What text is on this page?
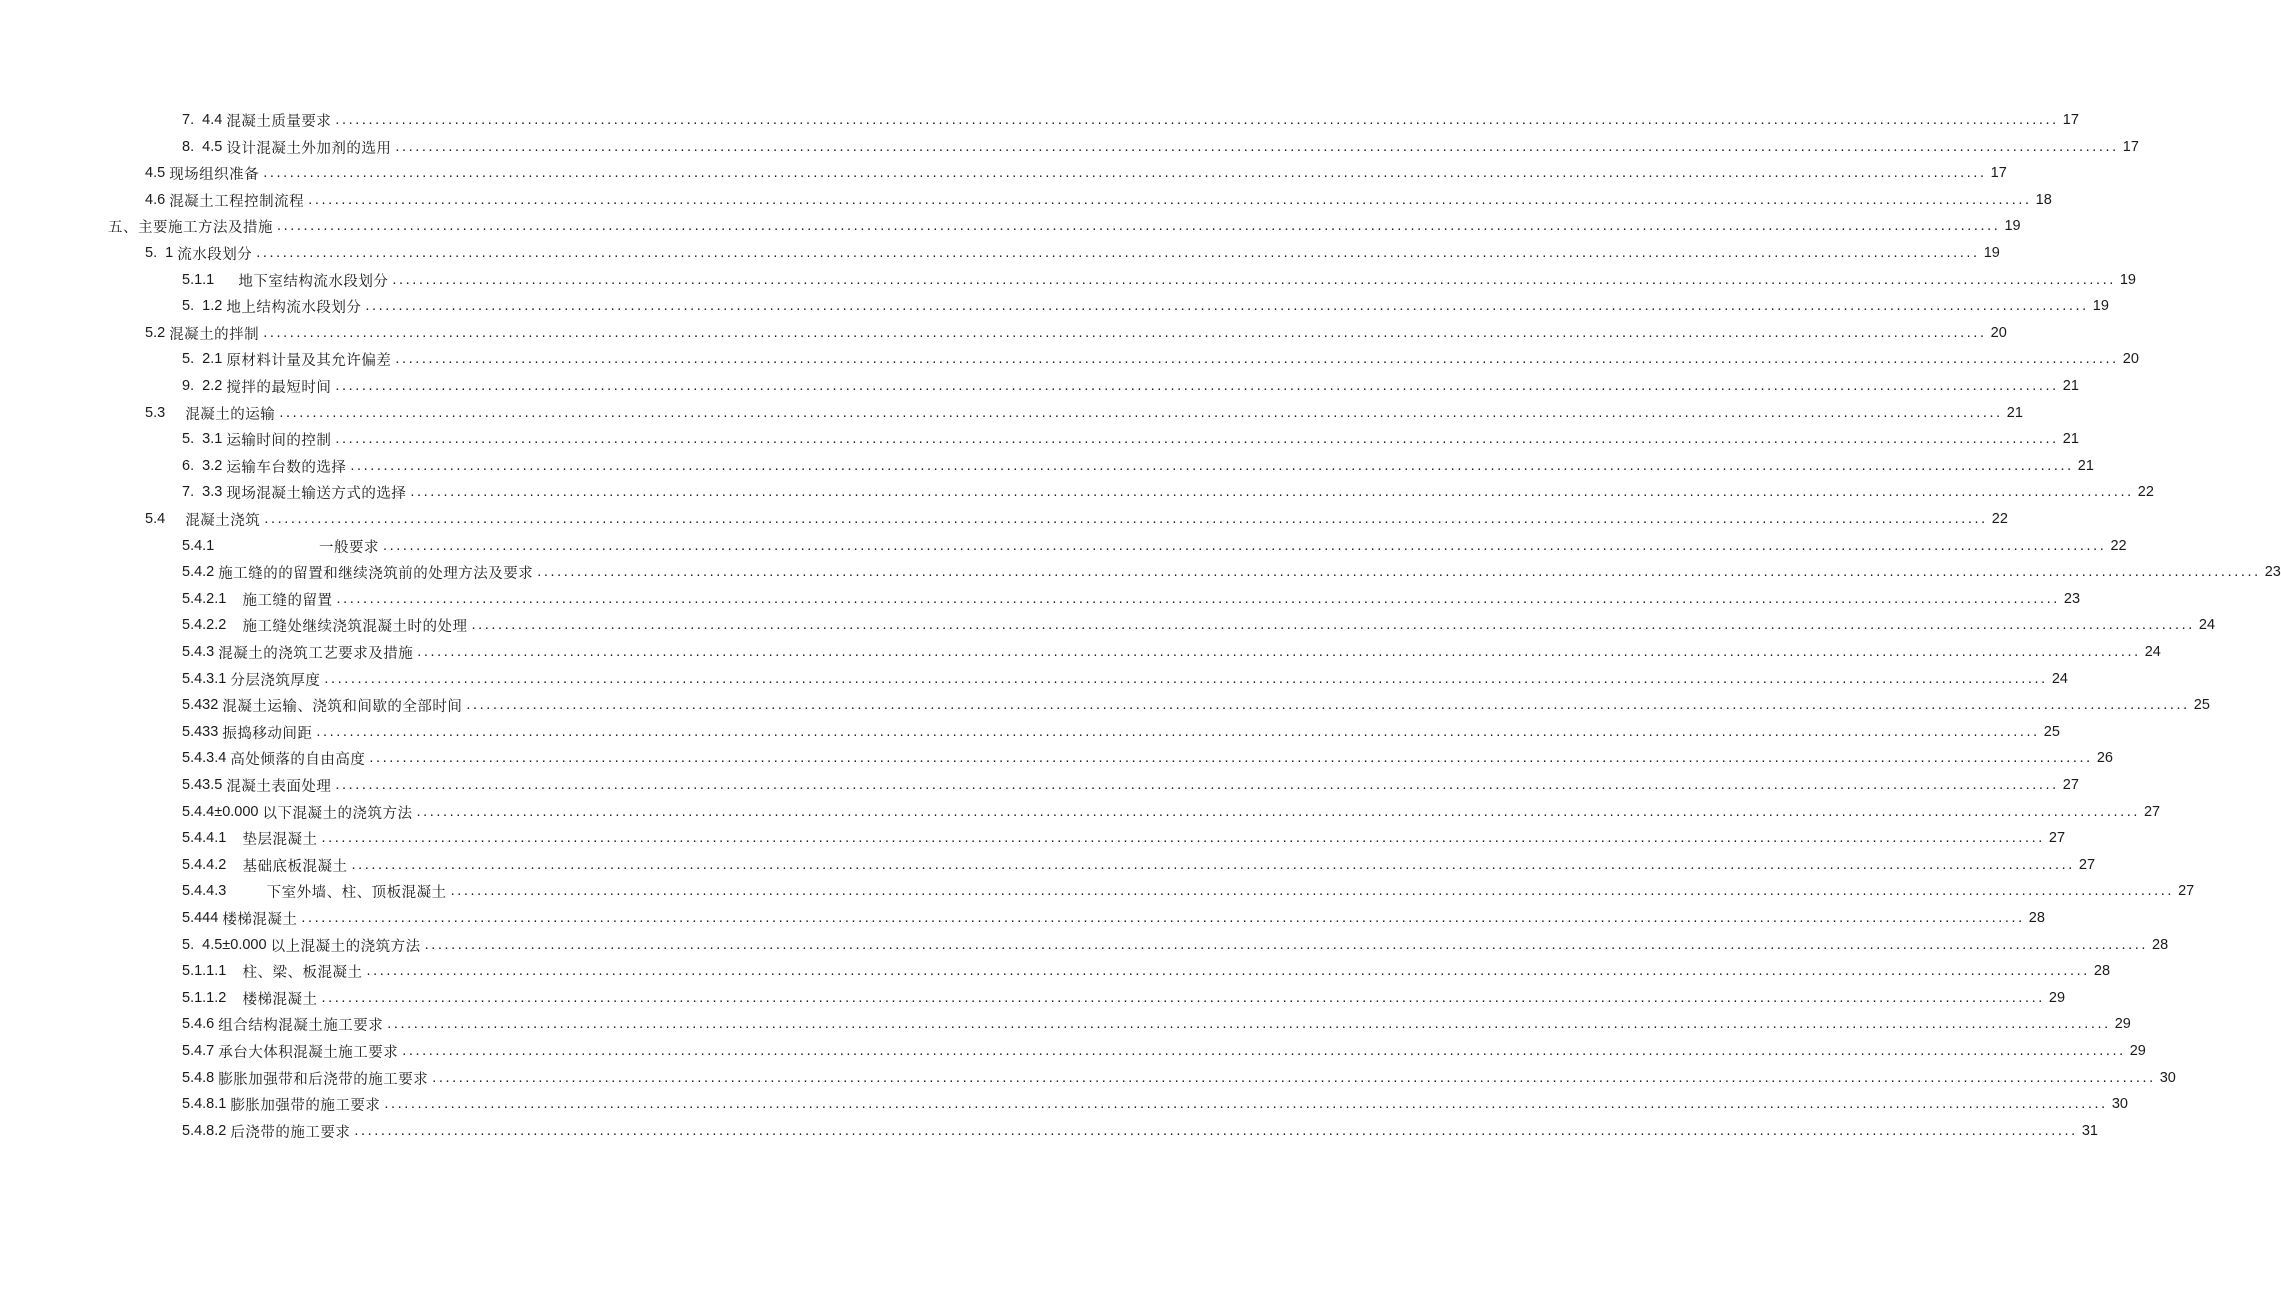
7.  4.4 混凝土质量要求 .................................................................................................................................................................................................................................................................... 17
8.  4.5 设计混凝土外加剂的选用 .................................................................................................................................................................................................................................................................... 17
4.5 现场组织准备 .................................................................................................................................................................................................................................................................... 17
4.6 混凝土工程控制流程 .................................................................................................................................................................................................................................................................... 18
五、主要施工方法及措施 .................................................................................................................................................................................................................................................................... 19
5.  1 流水段划分 .................................................................................................................................................................................................................................................................... 19
5.1.1 地下室结构流水段划分 .................................................................................................................................................................................................................................................................... 19
5.  1.2 地上结构流水段划分 .................................................................................................................................................................................................................................................................... 19
5.2 混凝土的拌制 .................................................................................................................................................................................................................................................................... 20
5.  2.1 原材料计量及其允许偏差 .................................................................................................................................................................................................................................................................... 20
9.  2.2 搅拌的最短时间 .................................................................................................................................................................................................................................................................... 21
5.3 混凝土的运输 .................................................................................................................................................................................................................................................................... 21
5.  3.1 运输时间的控制 .................................................................................................................................................................................................................................................................... 21
6.  3.2 运输车台数的选择 .................................................................................................................................................................................................................................................................... 21
7.  3.3 现场混凝土输送方式的选择 .................................................................................................................................................................................................................................................................... 22
5.4 混凝土浇筑 .................................................................................................................................................................................................................................................................... 22
5.4.1 一般要求 .................................................................................................................................................................................................................................................................... 22
5.4.2 施工缝的的留置和继续浇筑前的处理方法及要求 .................................................................................................................................................................................................................................................................... 23
5.4.2.1 施工缝的留置 .................................................................................................................................................................................................................................................................... 23
5.4.2.2 施工缝处继续浇筑混凝土时的处理 .................................................................................................................................................................................................................................................................... 24
5.4.3 混凝土的浇筑工艺要求及措施 .................................................................................................................................................................................................................................................................... 24
5.4.3.1 分层浇筑厚度 .................................................................................................................................................................................................................................................................... 24
5.432 混凝土运输、浇筑和间歇的全部时间 .................................................................................................................................................................................................................................................................... 25
5.433 振捣移动间距 .................................................................................................................................................................................................................................................................... 25
5.4.3.4 高处倾落的自由高度 .................................................................................................................................................................................................................................................................... 26
5.43.5 混凝土表面处理 .................................................................................................................................................................................................................................................................... 27
5.4.4±0.000 以下混凝土的浇筑方法 .................................................................................................................................................................................................................................................................... 27
5.4.4.1 垫层混凝土 .................................................................................................................................................................................................................................................................... 27
5.4.4.2 基础底板混凝土 .................................................................................................................................................................................................................................................................... 27
5.4.4.3 下室外墙、柱、顶板混凝土 .................................................................................................................................................................................................................................................................... 27
5.444 楼梯混凝土 .................................................................................................................................................................................................................................................................... 28
5.  4.5±0.000 以上混凝土的浇筑方法 .................................................................................................................................................................................................................................................................... 28
5.1.1.1 柱、梁、板混凝土 .................................................................................................................................................................................................................................................................... 28
5.1.1.2 楼梯混凝土 .................................................................................................................................................................................................................................................................... 29
5.4.6 组合结构混凝土施工要求 .................................................................................................................................................................................................................................................................... 29
5.4.7 承台大体积混凝土施工要求 .................................................................................................................................................................................................................................................................... 29
5.4.8 膨胀加强带和后浇带的施工要求 .................................................................................................................................................................................................................................................................... 30
5.4.8.1 膨胀加强带的施工要求 .................................................................................................................................................................................................................................................................... 30
5.4.8.2 后浇带的施工要求 .................................................................................................................................................................................................................................................................... 31
